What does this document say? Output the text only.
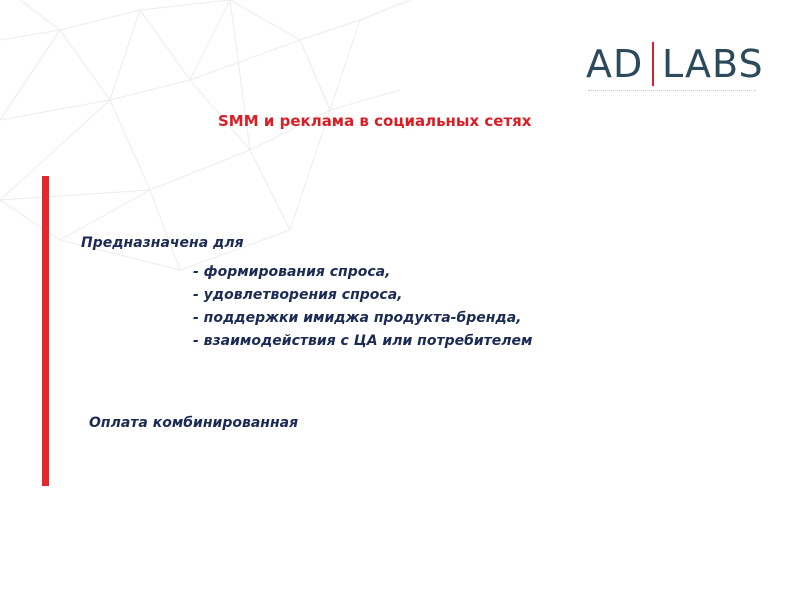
AD LABS
SMM и реклама в социальных сетях
Предназначена для
- формирования спроса,
- удовлетворения спроса,
- поддержки имиджа продукта-бренда,
- взаимодействия с ЦА или потребителем
Оплата комбинированная
